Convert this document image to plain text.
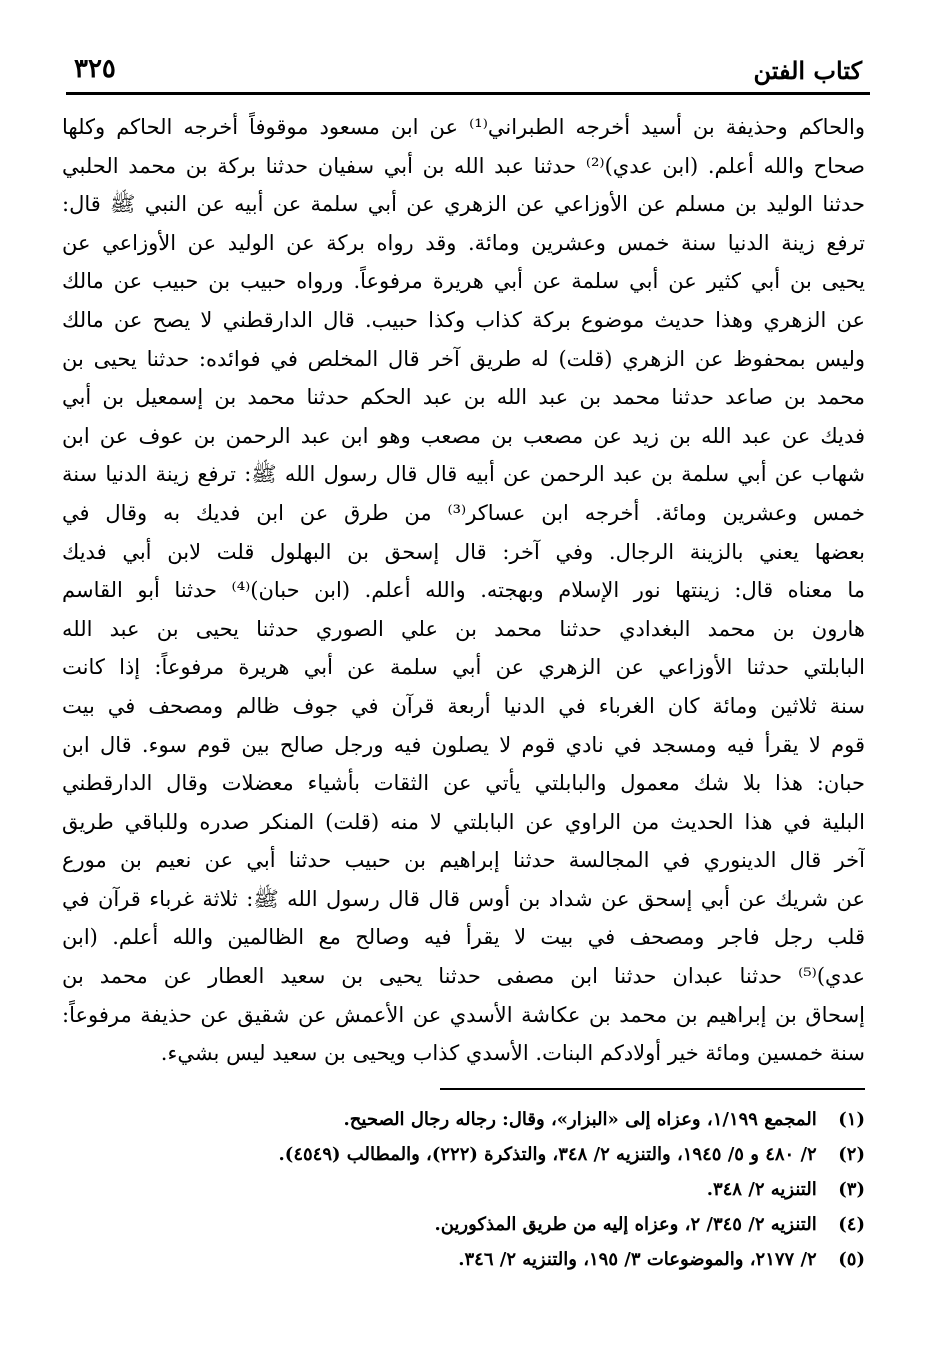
كتاب الفتن
٣٢٥
والحاكم وحذيفة بن أسيد أخرجه الطبراني⁽¹⁾ عن ابن مسعود موقوفاً أخرجه الحاكم وكلها
صحاح والله أعلم. (ابن عدي)⁽²⁾ حدثنا عبد الله بن أبي سفيان حدثنا بركة بن محمد الحلبي
حدثنا الوليد بن مسلم عن الأوزاعي عن الزهري عن أبي سلمة عن أبيه عن النبي ﷺ قال:
ترفع زينة الدنيا سنة خمس وعشرين ومائة. وقد رواه بركة عن الوليد عن الأوزاعي عن
يحيى بن أبي كثير عن أبي سلمة عن أبي هريرة مرفوعاً. ورواه حبيب بن حبيب عن مالك
عن الزهري وهذا حديث موضوع بركة كذاب وكذا حبيب. قال الدارقطني لا يصح عن مالك
وليس بمحفوظ عن الزهري (قلت) له طريق آخر قال المخلص في فوائده: حدثنا يحيى بن
محمد بن صاعد حدثنا محمد بن عبد الله بن عبد الحكم حدثنا محمد بن إسمعيل بن أبي
فديك عن عبد الله بن زيد عن مصعب بن مصعب وهو ابن عبد الرحمن بن عوف عن ابن
شهاب عن أبي سلمة بن عبد الرحمن عن أبيه قال قال رسول الله ﷺ: ترفع زينة الدنيا سنة
خمس وعشرين ومائة. أخرجه ابن عساكر⁽³⁾ من طرق عن ابن فديك به وقال في
بعضها يعني بالزينة الرجال. وفي آخر: قال إسحق بن البهلول قلت لابن أبي فديك
ما معناه قال: زينتها نور الإسلام وبهجته. والله أعلم. (ابن حبان)⁽⁴⁾ حدثنا أبو القاسم
هارون بن محمد البغدادي حدثنا محمد بن علي الصوري حدثنا يحيى بن عبد الله
البابلتي حدثنا الأوزاعي عن الزهري عن أبي سلمة عن أبي هريرة مرفوعاً: إذا كانت
سنة ثلاثين ومائة كان الغرباء في الدنيا أربعة قرآن في جوف ظالم ومصحف في بيت
قوم لا يقرأ فيه ومسجد في نادي قوم لا يصلون فيه ورجل صالح بين قوم سوء. قال ابن
حبان: هذا بلا شك معمول والبابلتي يأتي عن الثقات بأشياء معضلات وقال الدارقطني
البلية في هذا الحديث من الراوي عن البابلتي لا منه (قلت) المنكر صدره وللباقي طريق
آخر قال الدينوري في المجالسة حدثنا إبراهيم بن حبيب حدثنا أبي عن نعيم بن مورع
عن شريك عن أبي إسحق عن شداد بن أوس قال قال رسول الله ﷺ: ثلاثة غرباء قرآن في
قلب رجل فاجر ومصحف في بيت لا يقرأ فيه وصالح مع الظالمين والله أعلم. (ابن
عدي)⁽⁵⁾ حدثنا عبدان حدثنا ابن مصفى حدثنا يحيى بن سعيد العطار عن محمد بن
إسحاق بن إبراهيم بن محمد بن عكاشة الأسدي عن الأعمش عن شقيق عن حذيفة مرفوعاً:
سنة خمسين ومائة خير أولادكم البنات. الأسدي كذاب ويحيى بن سعيد ليس بشيء.
(١) المجمع ١/١٩٩، وعزاه إلى «البزار»، وقال: رجاله رجال الصحيح.
(٢) ٢/ ٤٨٠ و ٥/ ١٩٤٥، والتنزيه ٢/ ٣٤٨، والتذكرة (٢٢٢)، والمطالب (٤٥٤٩).
(٣) التنزيه ٢/ ٣٤٨.
(٤) التنزيه ٢/ ٣٤٥/ ٢، وعزاه إليه من طريق المذكورين.
(٥) ٢/ ٢١٧٧، والموضوعات ٣/ ١٩٥، والتنزيه ٢/ ٣٤٦.
